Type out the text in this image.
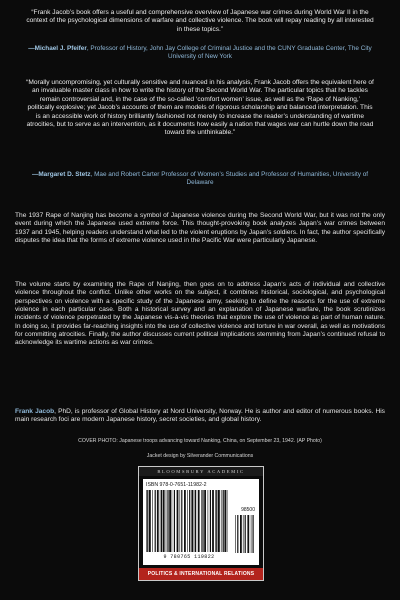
“Frank Jacob’s book offers a useful and comprehensive overview of Japanese war crimes during World War II in the context of the psychological dimensions of warfare and collective violence. The book will repay reading by all interested in these topics.”
—Michael J. Pfeifer, Professor of History, John Jay College of Criminal Justice and the CUNY Graduate Center, The City University of New York
“Morally uncompromising, yet culturally sensitive and nuanced in his analysis, Frank Jacob offers the equivalent here of an invaluable master class in how to write the history of the Second World War. The particular topics that he tackles remain controversial and, in the case of the so-called ‘comfort women’ issue, as well as the ‘Rape of Nanking,’ politically explosive; yet Jacob’s accounts of them are models of rigorous scholarship and balanced interpretation. This is an accessible work of history brilliantly fashioned not merely to increase the reader’s understanding of wartime atrocities, but to serve as an intervention, as it documents how easily a nation that wages war can hurtle down the road toward the unthinkable.”
—Margaret D. Stetz, Mae and Robert Carter Professor of Women’s Studies and Professor of Humanities, University of Delaware
The 1937 Rape of Nanjing has become a symbol of Japanese violence during the Second World War, but it was not the only event during which the Japanese used extreme force. This thought-provoking book analyzes Japan’s war crimes between 1937 and 1945, helping readers understand what led to the violent eruptions by Japan’s soldiers. In fact, the author specifically disputes the idea that the forms of extreme violence used in the Pacific War were particularly Japanese.
The volume starts by examining the Rape of Nanjing, then goes on to address Japan’s acts of individual and collective violence throughout the conflict. Unlike other works on the subject, it combines historical, sociological, and psychological perspectives on violence with a specific study of the Japanese army, seeking to define the reasons for the use of extreme violence in each particular case. Both a historical survey and an explanation of Japanese warfare, the book scrutinizes incidents of violence perpetrated by the Japanese vis-à-vis theories that explore the use of violence as part of human nature. In doing so, it provides far-reaching insights into the use of collective violence and torture in war overall, as well as motivations for committing atrocities. Finally, the author discusses current political implications stemming from Japan’s continued refusal to acknowledge its wartime actions as war crimes.
Frank Jacob, PhD, is professor of Global History at Nord University, Norway. He is author and editor of numerous books. His main research foci are modern Japanese history, secret societies, and global history.
COVER PHOTO: Japanese troops advancing toward Nanking, China, on September 23, 1942. (AP Photo)
Jacket design by Silverander Communications
BLOOMSBURY ACADEMIC
ISBN 978-0-7651-11982-2
98500
9 780765 119822
POLITICS & INTERNATIONAL RELATIONS
